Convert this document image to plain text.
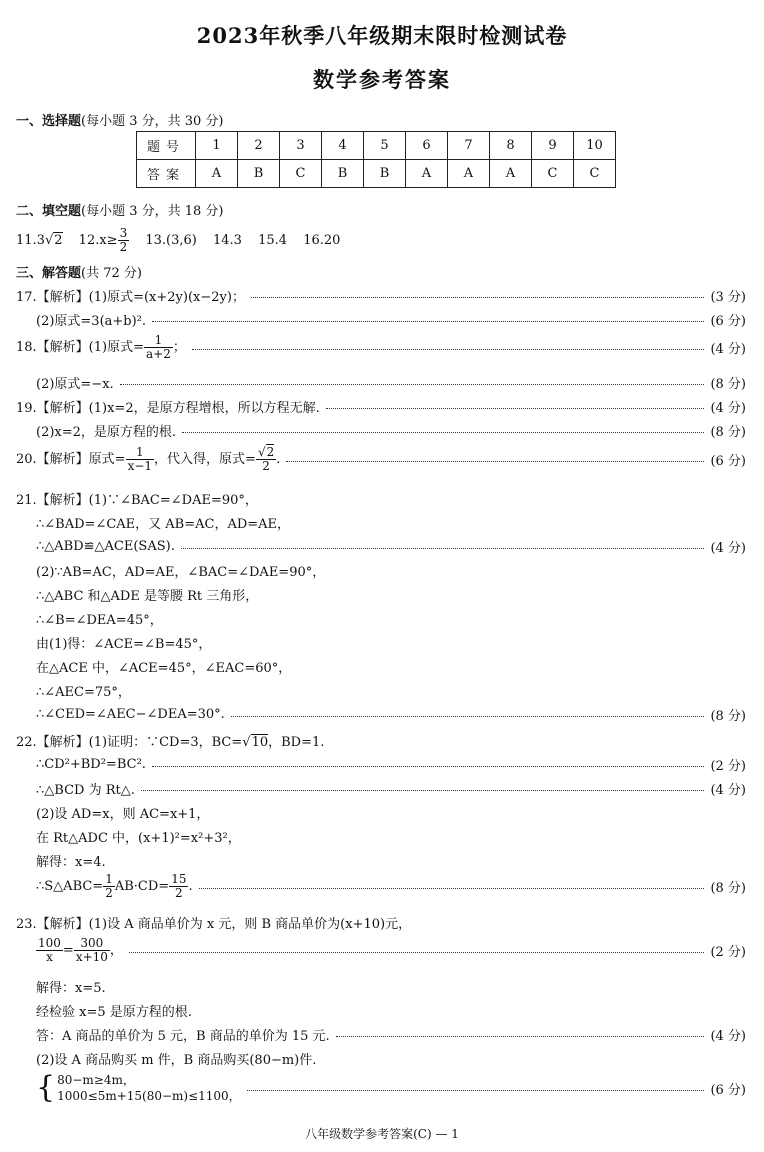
2023年秋季八年级期末限时检测试卷
数学参考答案
一、选择题(每小题 3 分，共 30 分)
题号	1	2	3	4	5	6	7	8	9	10
答案	A	B	C	B	B	A	A	A	C	C
二、填空题(每小题 3 分，共 18 分)
11.3√2 $12.x\ge \frac{3}{2} 13.(3,6)$ 14.3 15.4 16.20
三、解答题(共 72 分)
17.【解析】(1)原式=(x+2y)(x−2y)；	(3 分)
(2)原式=3(a+b)².	(6 分)
18.【解析】(1)原式= $\frac{1}{a+2}$ ；	(4 分)
(2)原式=−x.	(8 分)
19.【解析】(1)x=2，是原方程增根，所以方程无解.	(4 分)
(2)x=2，是原方程的根.	(8 分)
20.【解析】原式= $\frac{1}{x-1}$ ，代入得，原式= $\frac{√2}{2}$ .	(6 分)
21.【解析】(1)∵∠BAC=∠DAE=90°，
∴∠BAD=∠CAE，又 AB=AC，AD=AE，
∴△ABD≌△ACE(SAS).	(4 分)
(2)∵AB=AC，AD=AE，∠BAC=∠DAE=90°，
∴△ABC 和△ADE 是等腰 Rt 三角形，
∴∠B=∠DEA=45°，
由(1)得：∠ACE=∠B=45°，
在△ACE 中，∠ACE=45°，∠EAC=60°，
∴∠AEC=75°，
∴∠CED=∠AEC−∠DEA=30°.	(8 分)
22.【解析】(1)证明：∵CD=3，BC=√10，BD=1.
∴CD²+BD²=BC².	(2 分)
∴△BCD 为 Rt△.	(4 分)
(2)设 AD=x，则 AC=x+1，
在 Rt△ADC 中，(x+1)²=x²+3²，
解得：x=4.
∴S△ABC= $\frac{1}{2} AB\cdot CD= \frac{15}{2}$ .	(8 分)
23.【解析】(1)设 A 商品单价为 x 元，则 B 商品单价为(x+10)元，
$\frac{100}{x} = \frac{300}{x+10}$ ，	(2 分)
解得：x=5.
经检验 x=5 是原方程的根.
答：A 商品的单价为 5 元，B 商品的单价为 15 元.	(4 分)
(2)设 A 商品购买 m 件，B 商品购买(80−m)件.
{ 80−m≥4m，
1000≤5m+15(80−m)≤1100，	(6 分)
八年级数学参考答案(C) — 1
